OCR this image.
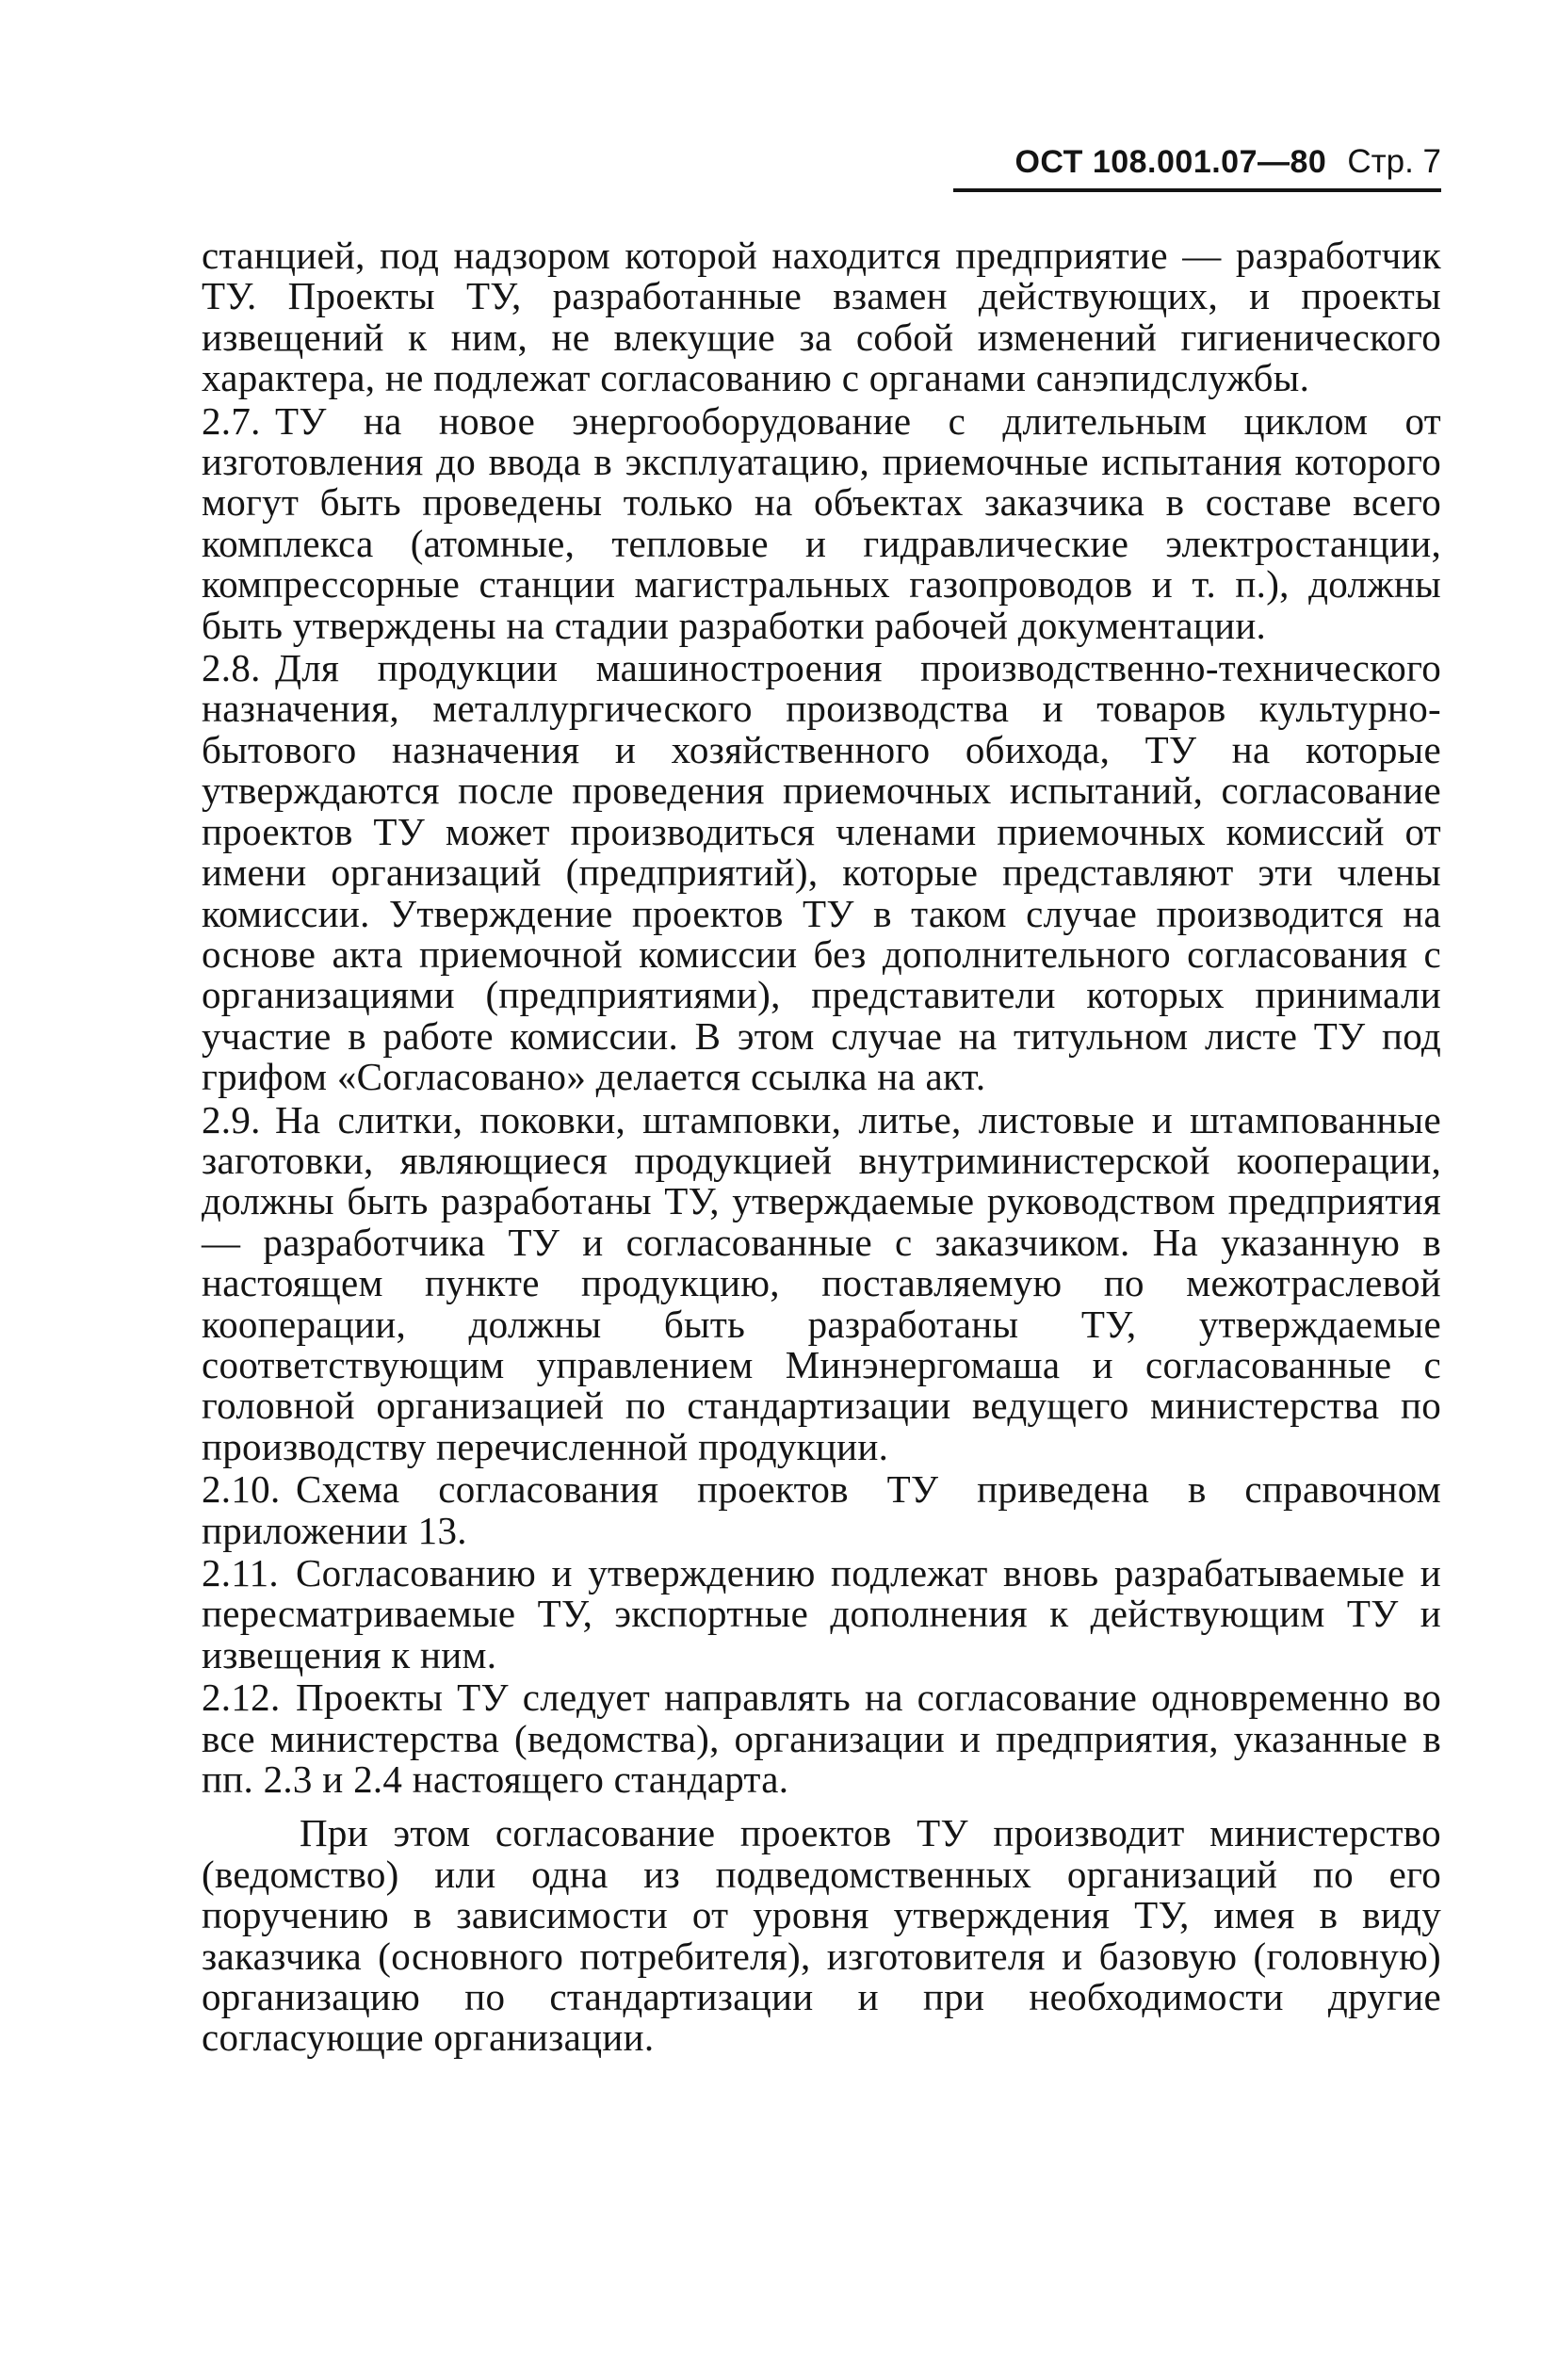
ОСТ 108.001.07—80 Стр. 7

станцией, под надзором которой находится предприятие — разработчик ТУ. Проекты ТУ, разработанные взамен действующих, и проекты извещений к ним, не влекущие за собой изменений гигиенического характера, не подлежат согласованию с органами санэпидслужбы.

2.7. ТУ на новое энергооборудование с длительным циклом от изготовления до ввода в эксплуатацию, приемочные испытания которого могут быть проведены только на объектах заказчика в составе всего комплекса (атомные, тепловые и гидравлические электростанции, компрессорные станции магистральных газопроводов и т. п.), должны быть утверждены на стадии разработки рабочей документации.

2.8. Для продукции машиностроения производственно-технического назначения, металлургического производства и товаров культурно-бытового назначения и хозяйственного обихода, ТУ на которые утверждаются после проведения приемочных испытаний, согласование проектов ТУ может производиться членами приемочных комиссий от имени организаций (предприятий), которые представляют эти члены комиссии. Утверждение проектов ТУ в таком случае производится на основе акта приемочной комиссии без дополнительного согласования с организациями (предприятиями), представители которых принимали участие в работе комиссии. В этом случае на титульном листе ТУ под грифом «Согласовано» делается ссылка на акт.

2.9. На слитки, поковки, штамповки, литье, листовые и штампованные заготовки, являющиеся продукцией внутриминистерской кооперации, должны быть разработаны ТУ, утверждаемые руководством предприятия — разработчика ТУ и согласованные с заказчиком. На указанную в настоящем пункте продукцию, поставляемую по межотраслевой кооперации, должны быть разработаны ТУ, утверждаемые соответствующим управлением Минэнергомаша и согласованные с головной организацией по стандартизации ведущего министерства по производству перечисленной продукции.

2.10. Схема согласования проектов ТУ приведена в справочном приложении 13.

2.11. Согласованию и утверждению подлежат вновь разрабатываемые и пересматриваемые ТУ, экспортные дополнения к действующим ТУ и извещения к ним.

2.12. Проекты ТУ следует направлять на согласование одновременно во все министерства (ведомства), организации и предприятия, указанные в пп. 2.3 и 2.4 настоящего стандарта.

При этом согласование проектов ТУ производит министерство (ведомство) или одна из подведомственных организаций по его поручению в зависимости от уровня утверждения ТУ, имея в виду заказчика (основного потребителя), изготовителя и базовую (головную) организацию по стандартизации и при необходимости другие согласующие организации.
